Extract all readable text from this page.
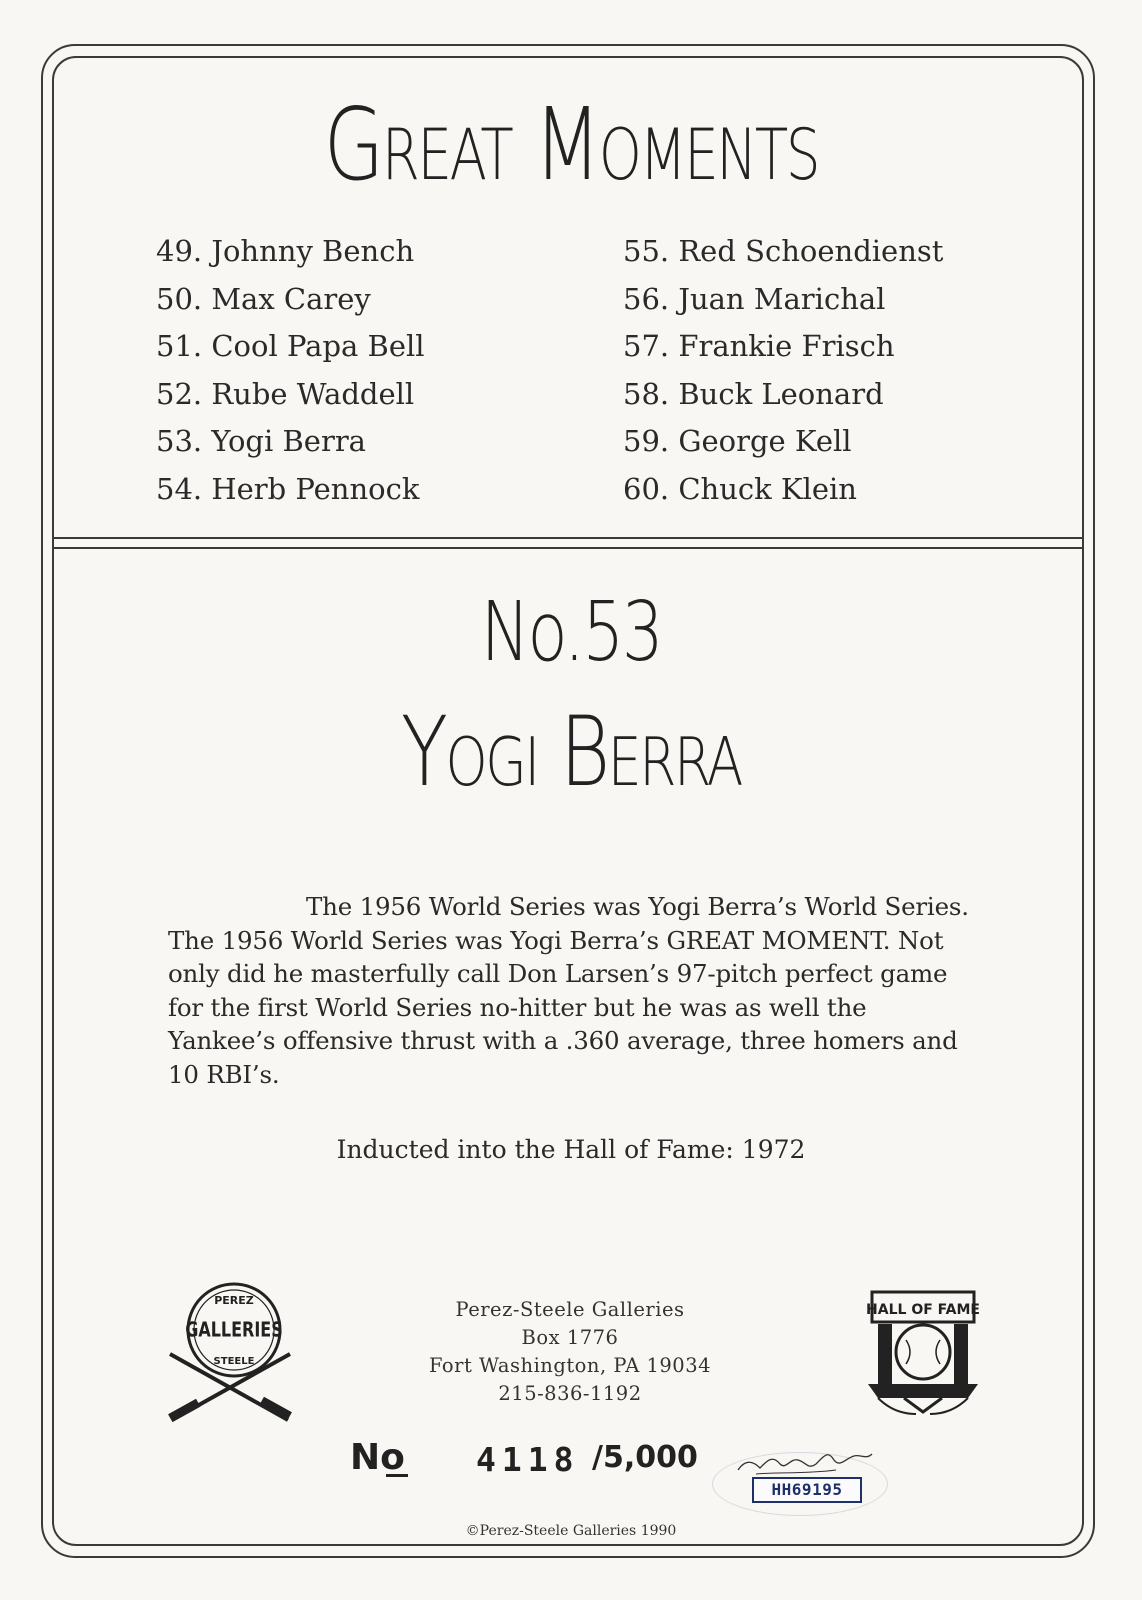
Great Moments
49. Johnny Bench
50. Max Carey
51. Cool Papa Bell
52. Rube Waddell
53. Yogi Berra
54. Herb Pennock
55. Red Schoendienst
56. Juan Marichal
57. Frankie Frisch
58. Buck Leonard
59. George Kell
60. Chuck Klein
No.53
Yogi Berra

The 1956 World Series was Yogi Berra’s World Series. The 1956 World Series was Yogi Berra’s GREAT MOMENT. Not only did he masterfully call Don Larsen’s 97-pitch perfect game for the first World Series no-hitter but he was as well the Yankee’s offensive thrust with a .360 average, three homers and 10 RBI’s.

Inducted into the Hall of Fame: 1972
PEREZ
GALLERIES
STEELE
Perez-Steele Galleries
Box 1776
Fort Washington, PA 19034
215-836-1192
HALL OF FAME
No 4118 /5,000
HH69195
©Perez-Steele Galleries 1990
